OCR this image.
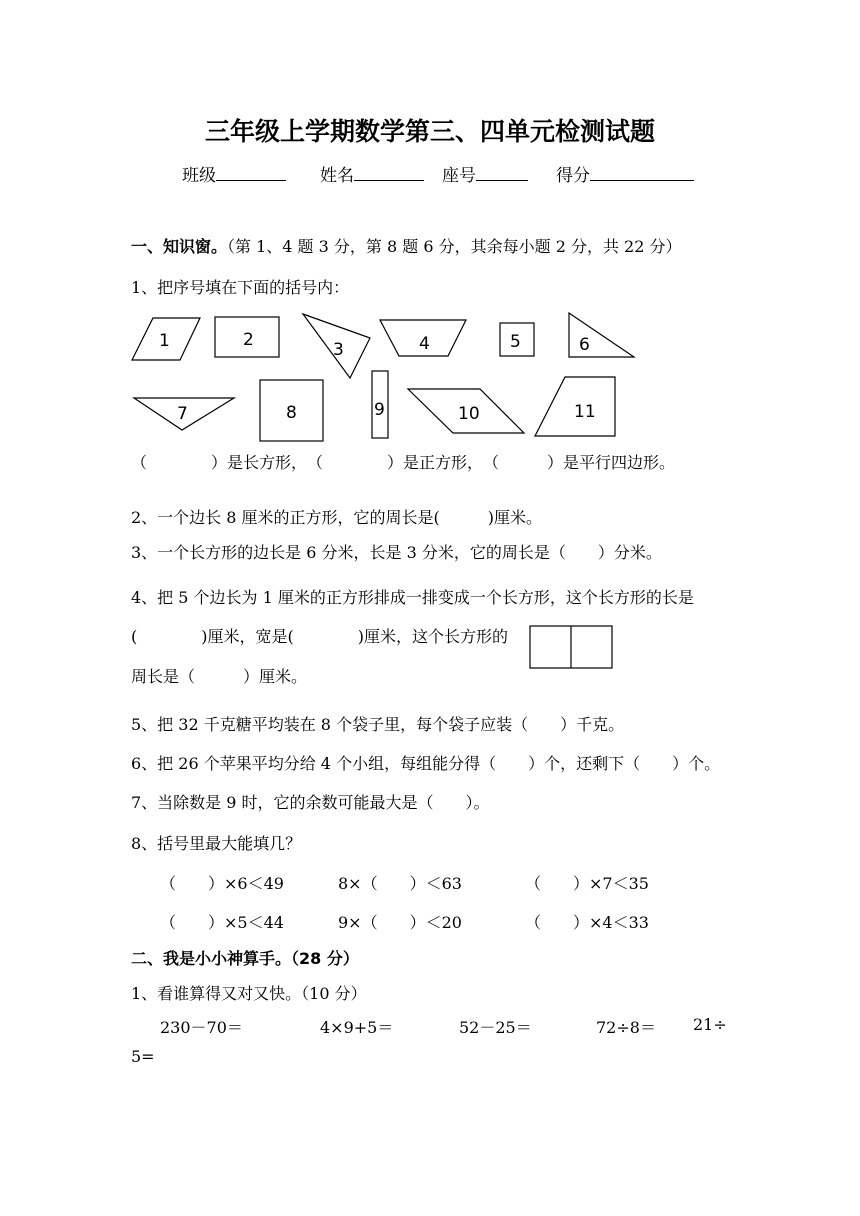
三年级上学期数学第三、四单元检测试题
班级	姓名	座号	得分
一、知识窗。（第 1、4 题 3 分，第 8 题 6 分，其余每小题 2 分，共 22 分）
1、把序号填在下面的括号内：
1	2	3	4	5	6
7	8	9	10	11
（　　　　）是长方形，　（　　　　）是正方形，　（　　　）是平行四边形。
2、一个边长 8 厘米的正方形，它的周长是(　　　)厘米。
3、一个长方形的边长是 6 分米，长是 3 分米，它的周长是（　　）分米。
4、把 5 个边长为 1 厘米的正方形排成一排变成一个长方形，这个长方形的长是
(　　　　)厘米，宽是(　　　　)厘米，这个长方形的
周长是（　　　）厘米。
5、把 32 千克糖平均装在 8 个袋子里，每个袋子应装（　　）千克。
6、把 26 个苹果平均分给 4 个小组，每组能分得（　　）个，还剩下（　　）个。
7、当除数是 9 时，它的余数可能最大是（　　）。
8、括号里最大能填几？
（　　）×6＜49	8×（　　）＜63	（　　）×7＜35
（　　）×5＜44	9×（　　）＜20	（　　）×4＜33
二、我是小小神算手。（28 分）
1、看谁算得又对又快。（10 分）
230－70＝	4×9+5＝	52－25＝	72÷8＝ 21÷
5=
